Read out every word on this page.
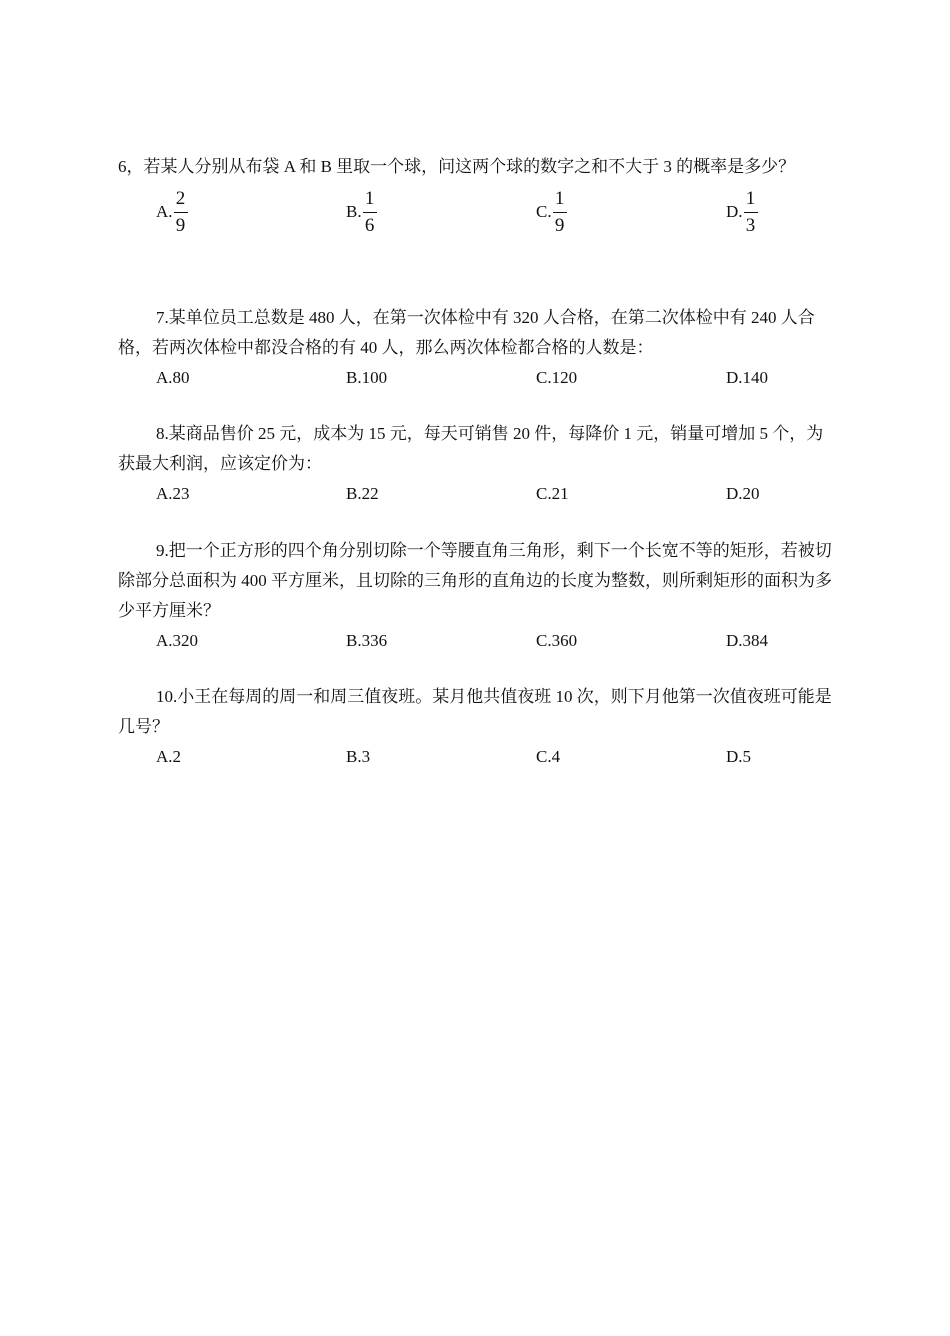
6，若某人分别从布袋 A 和 B 里取一个球，问这两个球的数字之和不大于 3 的概率是多少？

A. $\frac{2}{9}$	B. $\frac{1}{6}$	C. $\frac{1}{9}$	D. $\frac{1}{3}$

7.某单位员工总数是 480 人，在第一次体检中有 320 人合格，在第二次体检中有 240 人合格，若两次体检中都没合格的有 40 人，那么两次体检都合格的人数是：

A.80	B.100	C.120	D.140

8.某商品售价 25 元，成本为 15 元，每天可销售 20 件，每降价 1 元，销量可增加 5 个，为获最大利润，应该定价为：

A.23	B.22	C.21	D.20

9.把一个正方形的四个角分别切除一个等腰直角三角形，剩下一个长宽不等的矩形，若被切除部分总面积为 400 平方厘米，且切除的三角形的直角边的长度为整数，则所剩矩形的面积为多少平方厘米？

A.320	B.336	C.360	D.384

10.小王在每周的周一和周三值夜班。某月他共值夜班 10 次，则下月他第一次值夜班可能是几号？

A.2	B.3	C.4	D.5
